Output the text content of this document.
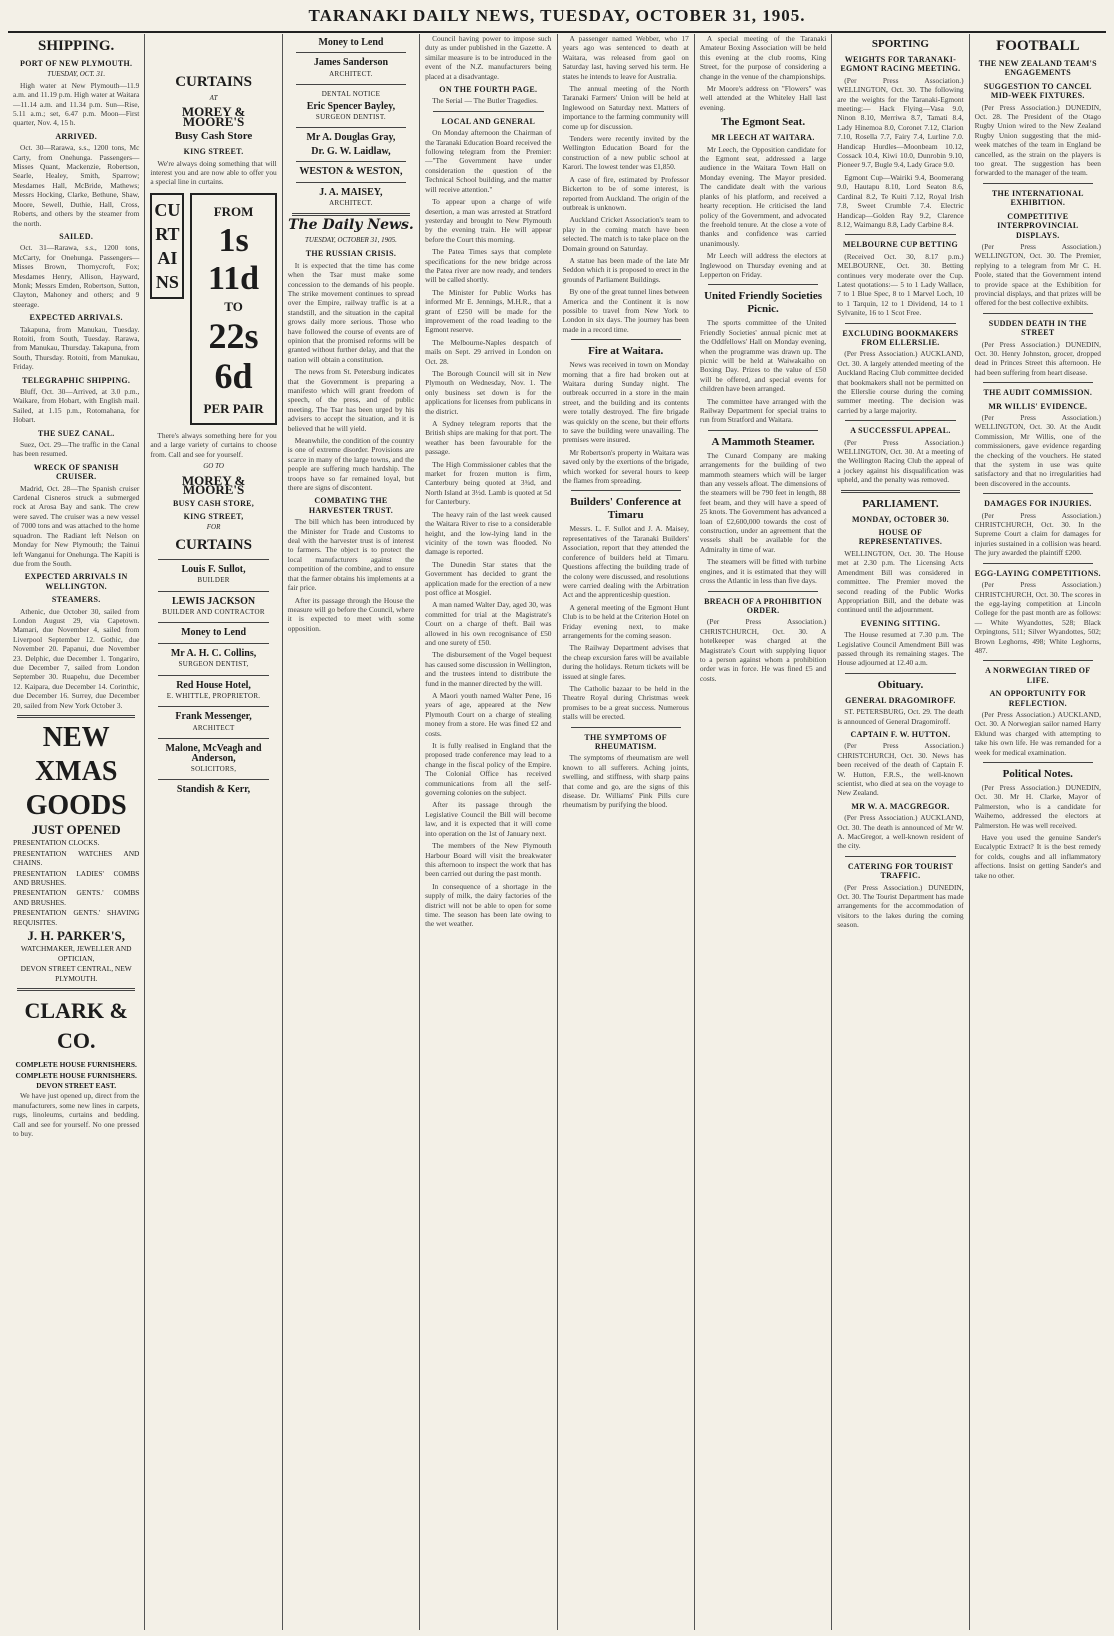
TARANAKI DAILY NEWS, TUESDAY, OCTOBER 31, 1905.
SHIPPING.
PORT OF NEW PLYMOUTH.
TUESDAY, OCT. 31.
High water at New Plymouth—11.9 a.m. and 11.19 p.m. High water at Waitara—11.14 a.m. and 11.34 p.m. Sun—Rise, 5.11 a.m.; set, 6.47 p.m. Moon—First quarter, Nov. 4, 15 h.
ARRIVED.
Oct. 30—Rarawa, s.s., 1200 tons, Mc Carty, from Onehunga. Passengers—Misses Quant, Mackenzie, Robertson, Searle, Healey, Smith, Sparrow; Mesdames Hall, McBride, Mathews; Messrs Hocking, Clarke, Bethune, Shaw, Moore, Sewell, Duthie, Hall, Cross, Roberts, and others by the steamer from the north.
SAILED.
Oct. 31—Rarawa, s.s., 1200 tons, McCarty, for Onehunga. Passengers—Misses Brown, Thornycroft, Fox; Mesdames Henry, Allison, Hayward, Monk; Messrs Emden, Robertson, Sutton, Clayton, Mahoney and others; and 9 steerage.
EXPECTED ARRIVALS.
Takapuna, from Manukau, Tuesday. Rotoiti, from South, Tuesday. Rarawa, from Manukau, Thursday. Takapuna, from South, Thursday. Rotoiti, from Manukau, Friday.
TELEGRAPHIC SHIPPING.
Bluff, Oct. 30—Arrived, at 3.0 p.m., Waikare, from Hobart, with English mail. Sailed, at 1.15 p.m., Rotomahana, for Hobart.
THE SUEZ CANAL.
Suez, Oct. 29—The traffic in the Canal has been resumed.
WRECK OF SPANISH CRUISER.
Madrid, Oct. 28—The Spanish cruiser Cardenal Cisneros struck a submerged rock at Arosa Bay and sank. The crew were saved. The cruiser was a new vessel of 7000 tons and was attached to the home squadron. The Radiant left Nelson on Monday for New Plymouth; the Tainui left Wanganui for Onehunga. The Kapiti is due from the South.
EXPECTED ARRIVALS IN WELLINGTON.
STEAMERS.
Athenic, due October 30, sailed from London August 29, via Capetown. Mamari, due November 4, sailed from Liverpool September 12. Gothic, due November 20. Papanui, due November 23. Delphic, due December 1. Tongariro, due December 7, sailed from London September 30. Ruapehu, due December 12. Kaipara, due December 14. Corinthic, due December 16. Surrey, due December 20, sailed from New York October 3.
NEW
XMAS
GOODS
JUST OPENED
PRESENTATION CLOCKS.
PRESENTATION WATCHES AND CHAINS.
PRESENTATION LADIES' COMBS AND BRUSHES.
PRESENTATION GENTS.' COMBS AND BRUSHES.
PRESENTATION GENTS.' SHAVING REQUISITES.
J. H. PARKER'S,
WATCHMAKER, JEWELLER AND OPTICIAN,
DEVON STREET CENTRAL, NEW PLYMOUTH.
CLARK & CO.
COMPLETE HOUSE FURNISHERS.
COMPLETE HOUSE FURNISHERS.
DEVON STREET EAST.
We have just opened up, direct from the manufacturers, some new lines in carpets, rugs, linoleums, curtains and bedding. Call and see for yourself. No one pressed to buy.
CURTAINS
AT
MOREY & MOORE'S
Busy Cash Store
KING STREET.
We're always doing something that will interest you and are now able to offer you a special line in curtains.
CURTAINS
FROM
1s 11d
TO
22s 6d
PER PAIR
There's always something here for you and a large variety of curtains to choose from. Call and see for yourself.
GO TO
MOREY & MOORE'S
BUSY CASH STORE,
KING STREET,
FOR
CURTAINS
Louis F. Sullot,
BUILDER
LEWIS JACKSON
BUILDER AND CONTRACTOR
Money to Lend
Mr A. H. C. Collins,
SURGEON DENTIST,
Red House Hotel,
E. WHITTLE, PROPRIETOR.
Frank Messenger,
ARCHITECT
Malone, McVeagh and Anderson,
SOLICITORS,
Standish & Kerr,
Money to Lend
James Sanderson
ARCHITECT.
DENTAL NOTICE
Eric Spencer Bayley,
SURGEON DENTIST.
Mr A. Douglas Gray,
Dr. G. W. Laidlaw,
WESTON & WESTON,
J. A. MAISEY,
ARCHITECT.
The Daily News.
TUESDAY, OCTOBER 31, 1905.
THE RUSSIAN CRISIS.
It is expected that the time has come when the Tsar must make some concession to the demands of his people. The strike movement continues to spread over the Empire, railway traffic is at a standstill, and the situation in the capital grows daily more serious. Those who have followed the course of events are of opinion that the promised reforms will be granted without further delay, and that the nation will obtain a constitution.
The news from St. Petersburg indicates that the Government is preparing a manifesto which will grant freedom of speech, of the press, and of public meeting. The Tsar has been urged by his advisers to accept the situation, and it is believed that he will yield.
Meanwhile, the condition of the country is one of extreme disorder. Provisions are scarce in many of the large towns, and the people are suffering much hardship. The troops have so far remained loyal, but there are signs of discontent.
COMBATING THE HARVESTER TRUST.
The bill which has been introduced by the Minister for Trade and Customs to deal with the harvester trust is of interest to farmers. The object is to protect the local manufacturers against the competition of the combine, and to ensure that the farmer obtains his implements at a fair price.
After its passage through the House the measure will go before the Council, where it is expected to meet with some opposition.
Council having power to impose such duty as under published in the Gazette. A similar measure is to be introduced in the event of the N.Z. manufacturers being placed at a disadvantage.
ON THE FOURTH PAGE.
The Serial — The Butler Tragedies.
LOCAL AND GENERAL
On Monday afternoon the Chairman of the Taranaki Education Board received the following telegram from the Premier:—"The Government have under consideration the question of the Technical School building, and the matter will receive attention."
To appear upon a charge of wife desertion, a man was arrested at Stratford yesterday and brought to New Plymouth by the evening train. He will appear before the Court this morning.
The Patea Times says that complete specifications for the new bridge across the Patea river are now ready, and tenders will be called shortly.
The Minister for Public Works has informed Mr E. Jennings, M.H.R., that a grant of £250 will be made for the improvement of the road leading to the Egmont reserve.
The Melbourne-Naples despatch of mails on Sept. 29 arrived in London on Oct. 28.
The Borough Council will sit in New Plymouth on Wednesday, Nov. 1. The only business set down is for the applications for licenses from publicans in the district.
A Sydney telegram reports that the British ships are making for that port. The weather has been favourable for the passage.
The High Commissioner cables that the market for frozen mutton is firm, Canterbury being quoted at 3¾d, and North Island at 3½d. Lamb is quoted at 5d for Canterbury.
The heavy rain of the last week caused the Waitara River to rise to a considerable height, and the low-lying land in the vicinity of the town was flooded. No damage is reported.
The Dunedin Star states that the Government has decided to grant the application made for the erection of a new post office at Mosgiel.
A man named Walter Day, aged 30, was committed for trial at the Magistrate's Court on a charge of theft. Bail was allowed in his own recognisance of £50 and one surety of £50.
The disbursement of the Vogel bequest has caused some discussion in Wellington, and the trustees intend to distribute the fund in the manner directed by the will.
A Maori youth named Walter Pene, 16 years of age, appeared at the New Plymouth Court on a charge of stealing money from a store. He was fined £2 and costs.
It is fully realised in England that the proposed trade conference may lead to a change in the fiscal policy of the Empire. The Colonial Office has received communications from all the self-governing colonies on the subject.
After its passage through the Legislative Council the Bill will become law, and it is expected that it will come into operation on the 1st of January next.
The members of the New Plymouth Harbour Board will visit the breakwater this afternoon to inspect the work that has been carried out during the past month.
In consequence of a shortage in the supply of milk, the dairy factories of the district will not be able to open for some time. The season has been late owing to the wet weather.
A passenger named Webber, who 17 years ago was sentenced to death at Waitara, was released from gaol on Saturday last, having served his term. He states he intends to leave for Australia.
The annual meeting of the North Taranaki Farmers' Union will be held at Inglewood on Saturday next. Matters of importance to the farming community will come up for discussion.
Tenders were recently invited by the Wellington Education Board for the construction of a new public school at Karori. The lowest tender was £1,850.
A case of fire, estimated by Professor Bickerton to be of some interest, is reported from Auckland. The origin of the outbreak is unknown.
Auckland Cricket Association's team to play in the coming match have been selected. The match is to take place on the Domain ground on Saturday.
A statue has been made of the late Mr Seddon which it is proposed to erect in the grounds of Parliament Buildings.
By one of the great tunnel lines between America and the Continent it is now possible to travel from New York to London in six days. The journey has been made in a record time.
Fire at Waitara.
News was received in town on Monday morning that a fire had broken out at Waitara during Sunday night. The outbreak occurred in a store in the main street, and the building and its contents were totally destroyed. The fire brigade was quickly on the scene, but their efforts to save the building were unavailing. The premises were insured.
Mr Robertson's property in Waitara was saved only by the exertions of the brigade, which worked for several hours to keep the flames from spreading.
Builders' Conference at Timaru
Messrs. L. F. Sullot and J. A. Maisey, representatives of the Taranaki Builders' Association, report that they attended the conference of builders held at Timaru. Questions affecting the building trade of the colony were discussed, and resolutions were carried dealing with the Arbitration Act and the apprenticeship question.
A general meeting of the Egmont Hunt Club is to be held at the Criterion Hotel on Friday evening next, to make arrangements for the coming season.
The Railway Department advises that the cheap excursion fares will be available during the holidays. Return tickets will be issued at single fares.
The Catholic bazaar to be held in the Theatre Royal during Christmas week promises to be a great success. Numerous stalls will be erected.
THE SYMPTOMS OF RHEUMATISM.
The symptoms of rheumatism are well known to all sufferers. Aching joints, swelling, and stiffness, with sharp pains that come and go, are the signs of this disease. Dr. Williams' Pink Pills cure rheumatism by purifying the blood.
A special meeting of the Taranaki Amateur Boxing Association will be held this evening at the club rooms, King Street, for the purpose of considering a change in the venue of the championships.
Mr Moore's address on "Flowers" was well attended at the Whiteley Hall last evening.
The Egmont Seat.
MR LEECH AT WAITARA.
Mr Leech, the Opposition candidate for the Egmont seat, addressed a large audience in the Waitara Town Hall on Monday evening. The Mayor presided. The candidate dealt with the various planks of his platform, and received a hearty reception. He criticised the land policy of the Government, and advocated the freehold tenure. At the close a vote of thanks and confidence was carried unanimously.
Mr Leech will address the electors at Inglewood on Thursday evening and at Lepperton on Friday.
United Friendly Societies Picnic.
The sports committee of the United Friendly Societies' annual picnic met at the Oddfellows' Hall on Monday evening, when the programme was drawn up. The picnic will be held at Waiwakaiho on Boxing Day. Prizes to the value of £50 will be offered, and special events for children have been arranged.
The committee have arranged with the Railway Department for special trains to run from Stratford and Waitara.
A Mammoth Steamer.
The Cunard Company are making arrangements for the building of two mammoth steamers which will be larger than any vessels afloat. The dimensions of the steamers will be 790 feet in length, 88 feet beam, and they will have a speed of 25 knots. The Government has advanced a loan of £2,600,000 towards the cost of construction, under an agreement that the vessels shall be available for the Admiralty in time of war.
The steamers will be fitted with turbine engines, and it is estimated that they will cross the Atlantic in less than five days.
BREACH OF A PROHIBITION ORDER.
(Per Press Association.) CHRISTCHURCH, Oct. 30. A hotelkeeper was charged at the Magistrate's Court with supplying liquor to a person against whom a prohibition order was in force. He was fined £5 and costs.
SPORTING
WEIGHTS FOR TARANAKI-EGMONT RACING MEETING.
(Per Press Association.) WELLINGTON, Oct. 30. The following are the weights for the Taranaki-Egmont meeting:— Hack Flying—Vasa 9.0, Ninon 8.10, Merriwa 8.7, Tamati 8.4, Lady Hinemoa 8.0, Coronet 7.12, Clarion 7.10, Rosella 7.7, Fairy 7.4, Lurline 7.0. Handicap Hurdles—Moonbeam 10.12, Cossack 10.4, Kiwi 10.0, Dunrobin 9.10, Pioneer 9.7, Bugle 9.4, Lady Grace 9.0.
Egmont Cup—Wairiki 9.4, Boomerang 9.0, Hautapu 8.10, Lord Seaton 8.6, Cardinal 8.2, Te Kuiti 7.12, Royal Irish 7.8, Sweet Crumble 7.4. Electric Handicap—Golden Ray 9.2, Clarence 8.12, Waimangu 8.8, Lady Carbine 8.4.
MELBOURNE CUP BETTING
(Received Oct. 30, 8.17 p.m.) MELBOURNE, Oct. 30. Betting continues very moderate over the Cup. Latest quotations:— 5 to 1 Lady Wallace, 7 to 1 Blue Spec, 8 to 1 Marvel Loch, 10 to 1 Tarquin, 12 to 1 Dividend, 14 to 1 Sylvanite, 16 to 1 Scot Free.
EXCLUDING BOOKMAKERS FROM ELLERSLIE.
(Per Press Association.) AUCKLAND, Oct. 30. A largely attended meeting of the Auckland Racing Club committee decided that bookmakers shall not be permitted on the Ellerslie course during the coming summer meeting. The decision was carried by a large majority.
A SUCCESSFUL APPEAL.
(Per Press Association.) WELLINGTON, Oct. 30. At a meeting of the Wellington Racing Club the appeal of a jockey against his disqualification was upheld, and the penalty was removed.
PARLIAMENT.
MONDAY, OCTOBER 30.
HOUSE OF REPRESENTATIVES.
WELLINGTON, Oct. 30. The House met at 2.30 p.m. The Licensing Acts Amendment Bill was considered in committee. The Premier moved the second reading of the Public Works Appropriation Bill, and the debate was continued until the adjournment.
EVENING SITTING.
The House resumed at 7.30 p.m. The Legislative Council Amendment Bill was passed through its remaining stages. The House adjourned at 12.40 a.m.
Obituary.
GENERAL DRAGOMIROFF.
ST. PETERSBURG, Oct. 29. The death is announced of General Dragomiroff.
CAPTAIN F. W. HUTTON.
(Per Press Association.) CHRISTCHURCH, Oct. 30. News has been received of the death of Captain F. W. Hutton, F.R.S., the well-known scientist, who died at sea on the voyage to New Zealand.
MR W. A. MACGREGOR.
(Per Press Association.) AUCKLAND, Oct. 30. The death is announced of Mr W. A. MacGregor, a well-known resident of the city.
CATERING FOR TOURIST TRAFFIC.
(Per Press Association.) DUNEDIN, Oct. 30. The Tourist Department has made arrangements for the accommodation of visitors to the lakes during the coming season.
FOOTBALL
THE NEW ZEALAND TEAM'S ENGAGEMENTS
SUGGESTION TO CANCEL MID-WEEK FIXTURES.
(Per Press Association.) DUNEDIN, Oct. 28. The President of the Otago Rugby Union wired to the New Zealand Rugby Union suggesting that the mid-week matches of the team in England be cancelled, as the strain on the players is too great. The suggestion has been forwarded to the manager of the team.
THE INTERNATIONAL EXHIBITION.
COMPETITIVE INTERPROVINCIAL DISPLAYS.
(Per Press Association.) WELLINGTON, Oct. 30. The Premier, replying to a telegram from Mr C. H. Poole, stated that the Government intend to provide space at the Exhibition for provincial displays, and that prizes will be offered for the best collective exhibits.
SUDDEN DEATH IN THE STREET
(Per Press Association.) DUNEDIN, Oct. 30. Henry Johnston, grocer, dropped dead in Princes Street this afternoon. He had been suffering from heart disease.
THE AUDIT COMMISSION.
MR WILLIS' EVIDENCE.
(Per Press Association.) WELLINGTON, Oct. 30. At the Audit Commission, Mr Willis, one of the commissioners, gave evidence regarding the checking of the vouchers. He stated that the system in use was quite satisfactory and that no irregularities had been discovered in the accounts.
DAMAGES FOR INJURIES.
(Per Press Association.) CHRISTCHURCH, Oct. 30. In the Supreme Court a claim for damages for injuries sustained in a collision was heard. The jury awarded the plaintiff £200.
EGG-LAYING COMPETITIONS.
(Per Press Association.) CHRISTCHURCH, Oct. 30. The scores in the egg-laying competition at Lincoln College for the past month are as follows:— White Wyandottes, 528; Black Orpingtons, 511; Silver Wyandottes, 502; Brown Leghorns, 498; White Leghorns, 487.
A NORWEGIAN TIRED OF LIFE.
AN OPPORTUNITY FOR REFLECTION.
(Per Press Association.) AUCKLAND, Oct. 30. A Norwegian sailor named Harry Eklund was charged with attempting to take his own life. He was remanded for a week for medical examination.
Political Notes.
(Per Press Association.) DUNEDIN, Oct. 30. Mr H. Clarke, Mayor of Palmerston, who is a candidate for Waihemo, addressed the electors at Palmerston. He was well received.
Have you used the genuine Sander's Eucalyptic Extract? It is the best remedy for colds, coughs and all inflammatory affections. Insist on getting Sander's and take no other.
